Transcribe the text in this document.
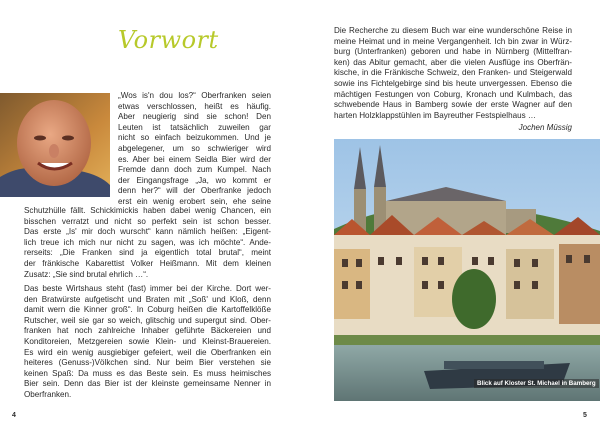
Vorwort

„Wos is'n dou los?“ Oberfranken seien
etwas verschlossen, heißt es häufig.
Aber neugierig sind sie schon! Den
Leuten ist tatsächlich zuweilen gar
nicht so einfach beizukommen. Und je
abgelegener, um so schwieriger wird
es. Aber bei einem Seidla Bier wird der
Fremde dann doch zum Kumpel. Nach
der Eingangsfrage „Ja, wo kommt er
denn her?“ will der Oberfranke jedoch
erst ein wenig erobert sein, ehe seine

Schutzhülle fällt. Schickimickis haben dabei wenig Chancen, ein
bisschen verratzt und nicht so perfekt sein ist schon besser.
Das erste „Is' mir doch wurscht“ kann nämlich heißen: „Eigent-
lich treue ich mich nur nicht zu sagen, was ich möchte“. Ande-
rerseits: „Die Franken sind ja eigentlich total brutal“, meint
der fränkische Kabarettist Volker Heißmann. Mit dem kleinen
Zusatz: „Sie sind brutal ehrlich …“.

Das beste Wirtshaus steht (fast) immer bei der Kirche. Dort wer-
den Bratwürste aufgetischt und Braten mit „Soß' und Kloß, denn
damit wern die Kinner groß“. In Coburg heißen die Kartoffelklöße
Rutscher, weil sie gar so weich, glitschig und supergut sind. Ober-
franken hat noch zahlreiche Inhaber geführte Bäckereien und
Konditoreien, Metzgereien sowie Klein- und Kleinst-Brauereien.
Es wird ein wenig ausgiebiger gefeiert, weil die Oberfranken ein
heiteres (Genuss-)Völkchen sind. Nur beim Bier verstehen sie
keinen Spaß: Da muss es das Beste sein. Es muss heimisches
Bier sein. Denn das Bier ist der kleinste gemeinsame Nenner in
Oberfranken.

4

Die Recherche zu diesem Buch war eine wunderschöne Reise in
meine Heimat und in meine Vergangenheit. Ich bin zwar in Würz-
burg (Unterfranken) geboren und habe in Nürnberg (Mittelfran-
ken) das Abitur gemacht, aber die vielen Ausflüge ins Oberfrän-
kische, in die Fränkische Schweiz, den Franken- und Steigerwald
sowie ins Fichtelgebirge sind bis heute unvergessen. Ebenso die
mächtigen Festungen von Coburg, Kronach und Kulmbach, das
schwebende Haus in Bamberg sowie der erste Wagner auf den
harten Holzklappstühlen im Bayreuther Festspielhaus …

Jochen Müssig

5
Blick auf Kloster St. Michael in Bamberg
